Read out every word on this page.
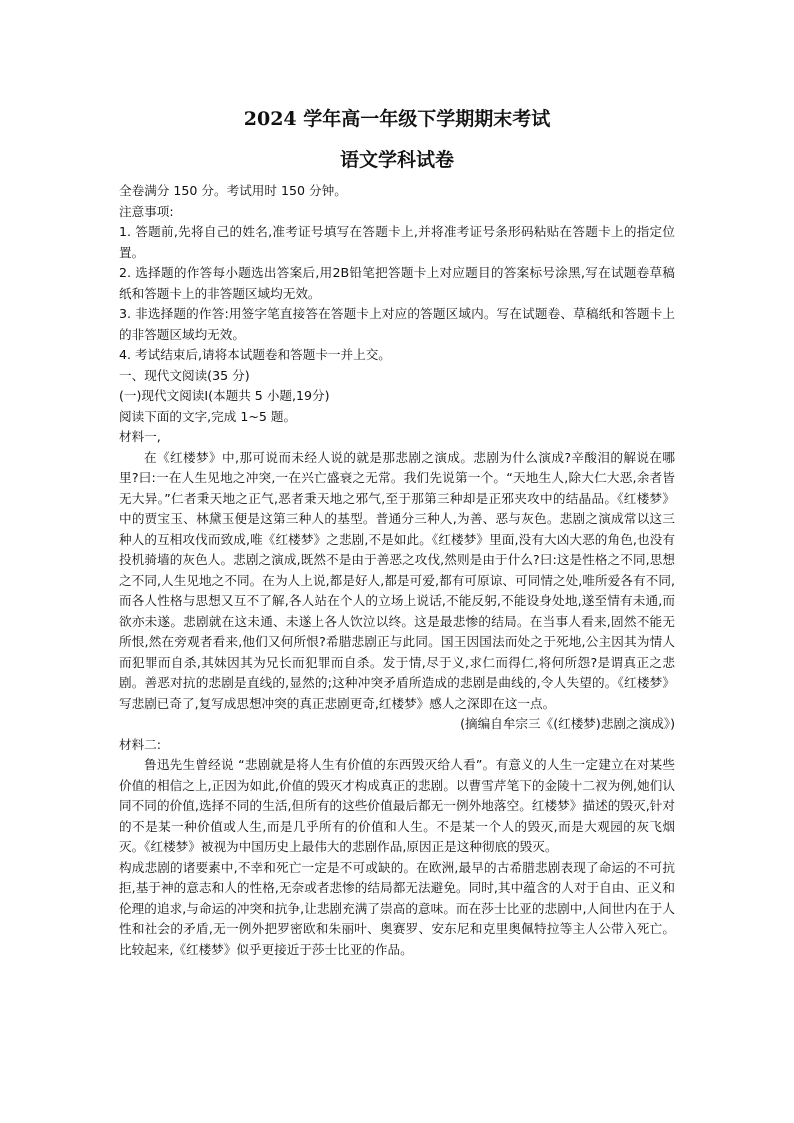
2024 学年高一年级下学期期末考试
语文学科试卷

全卷满分 150 分。考试用时 150 分钟。

注意事项:

1. 答题前,先将自己的姓名,准考证号填写在答题卡上,并将准考证号条形码粘贴在答题卡上的指定位置。

2. 选择题的作答每小题选出答案后,用2B铅笔把答题卡上对应题目的答案标号涂黑,写在试题卷草稿纸和答题卡上的非答题区域均无效。

3. 非选择题的作答:用签字笔直接答在答题卡上对应的答题区域内。写在试题卷、草稿纸和答题卡上的非答题区域均无效。

4. 考试结束后,请将本试题卷和答题卡一并上交。

一、现代文阅读(35 分)

(一)现代文阅读Ⅰ(本题共 5 小题,19分)

阅读下面的文字,完成 1~5 题。

材料一,

在《红楼梦》中,那可说而未经人说的就是那悲剧之演成。悲剧为什么演成?辛酸泪的解说在哪里?曰:一在人生见地之冲突,一在兴亡盛衰之无常。我们先说第一个。“天地生人,除大仁大恶,余者皆无大异。”仁者秉天地之正气,恶者秉天地之邪气,至于那第三种却是正邪夹攻中的结晶品。《红楼梦》中的贾宝玉、林黛玉便是这第三种人的基型。普通分三种人,为善、恶与灰色。悲剧之演成常以这三种人的互相攻伐而致成,唯《红楼梦》之悲剧,不是如此。《红楼梦》里面,没有大凶大恶的角色,也没有投机骑墙的灰色人。悲剧之演成,既然不是由于善恶之攻伐,然则是由于什么?曰:这是性格之不同,思想之不同,人生见地之不同。在为人上说,都是好人,都是可爱,都有可原谅、可同情之处,唯所爱各有不同,而各人性格与思想又互不了解,各人站在个人的立场上说话,不能反躬,不能设身处地,遂至情有未通,而欲亦未遂。悲剧就在这未通、未遂上各人饮泣以终。这是最悲惨的结局。在当事人看来,固然不能无所恨,然在旁观者看来,他们又何所恨?希腊悲剧正与此同。国王因国法而处之于死地,公主因其为情人而犯罪而自杀,其妹因其为兄长而犯罪而自杀。发于情,尽于义,求仁而得仁,将何所怨?是谓真正之悲剧。善恶对抗的悲剧是直线的,显然的;这种冲突矛盾所造成的悲剧是曲线的,令人失望的。《红楼梦》写悲剧已奇了,复写成思想冲突的真正悲剧更奇,红楼梦》感人之深即在这一点。

(摘编自牟宗三《(红楼梦)悲剧之演成》)

材料二:

鲁迅先生曾经说 “悲剧就是将人生有价值的东西毁灭给人看”。有意义的人生一定建立在对某些价值的相信之上,正因为如此,价值的毁灭才构成真正的悲剧。以曹雪芹笔下的金陵十二衩为例,她们认同不同的价值,选择不同的生活,但所有的这些价值最后都无一例外地落空。红楼梦》描述的毁灭,针对的不是某一种价值或人生,而是几乎所有的价值和人生。不是某一个人的毁灭,而是大观园的灰飞烟灭。《红楼梦》被视为中国历史上最伟大的悲剧作品,原因正是这种彻底的毁灭。

构成悲剧的诸要素中,不幸和死亡一定是不可或缺的。在欧洲,最早的古希腊悲剧表现了命运的不可抗拒,基于神的意志和人的性格,无奈或者悲惨的结局都无法避免。同时,其中蕴含的人对于自由、正义和伦理的追求,与命运的冲突和抗争,让悲剧充满了崇高的意味。而在莎士比亚的悲剧中,人间世内在于人性和社会的矛盾,无一例外把罗密欧和朱丽叶、奥赛罗、安东尼和克里奥佩特拉等主人公带入死亡。比较起来,《红楼梦》似乎更接近于莎士比亚的作品。
